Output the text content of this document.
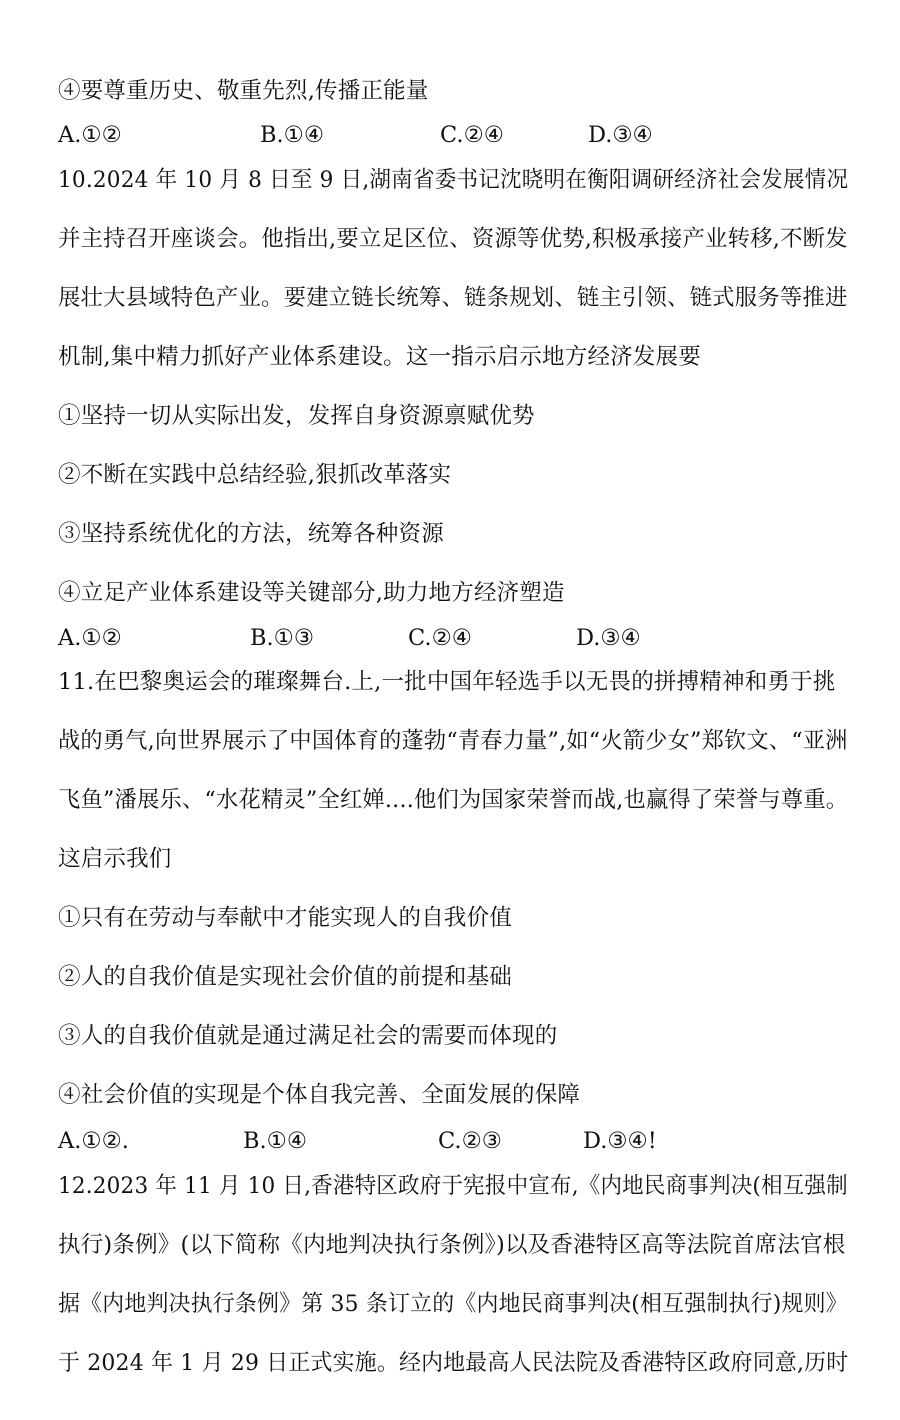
④要尊重历史、敬重先烈,传播正能量
A.①②	B.①④	C.②④	D.③④
10.2024 年 10 月 8 日至 9 日,湖南省委书记沈晓明在衡阳调研经济社会发展情况
并主持召开座谈会。他指出,要立足区位、资源等优势,积极承接产业转移,不断发
展壮大县域特色产业。要建立链长统筹、链条规划、链主引领、链式服务等推进
机制,集中精力抓好产业体系建设。这一指示启示地方经济发展要
①坚持一切从实际出发，发挥自身资源禀赋优势
②不断在实践中总结经验,狠抓改革落实
③坚持系统优化的方法，统筹各种资源
④立足产业体系建设等关键部分,助力地方经济塑造
A.①②	B.①③	C.②④	D.③④
11.在巴黎奥运会的璀璨舞台.上,一批中国年轻选手以无畏的拼搏精神和勇于挑
战的勇气,向世界展示了中国体育的蓬勃“青春力量”,如“火箭少女”郑钦文、“亚洲
飞鱼”潘展乐、“水花精灵”全红婵....他们为国家荣誉而战,也赢得了荣誉与尊重。
这启示我们
①只有在劳动与奉献中才能实现人的自我价值
②人的自我价值是实现社会价值的前提和基础
③人的自我价值就是通过满足社会的需要而体现的
④社会价值的实现是个体自我完善、全面发展的保障
A.①②.	B.①④	C.②③	D.③④!
12.2023 年 11 月 10 日,香港特区政府于宪报中宣布,《内地民商事判决(相互强制
执行)条例》(以下简称《内地判决执行条例》)以及香港特区高等法院首席法官根
据《内地判决执行条例》第 35 条订立的《内地民商事判决(相互强制执行)规则》
于 2024 年 1 月 29 日正式实施。经内地最高人民法院及香港特区政府同意,历时
